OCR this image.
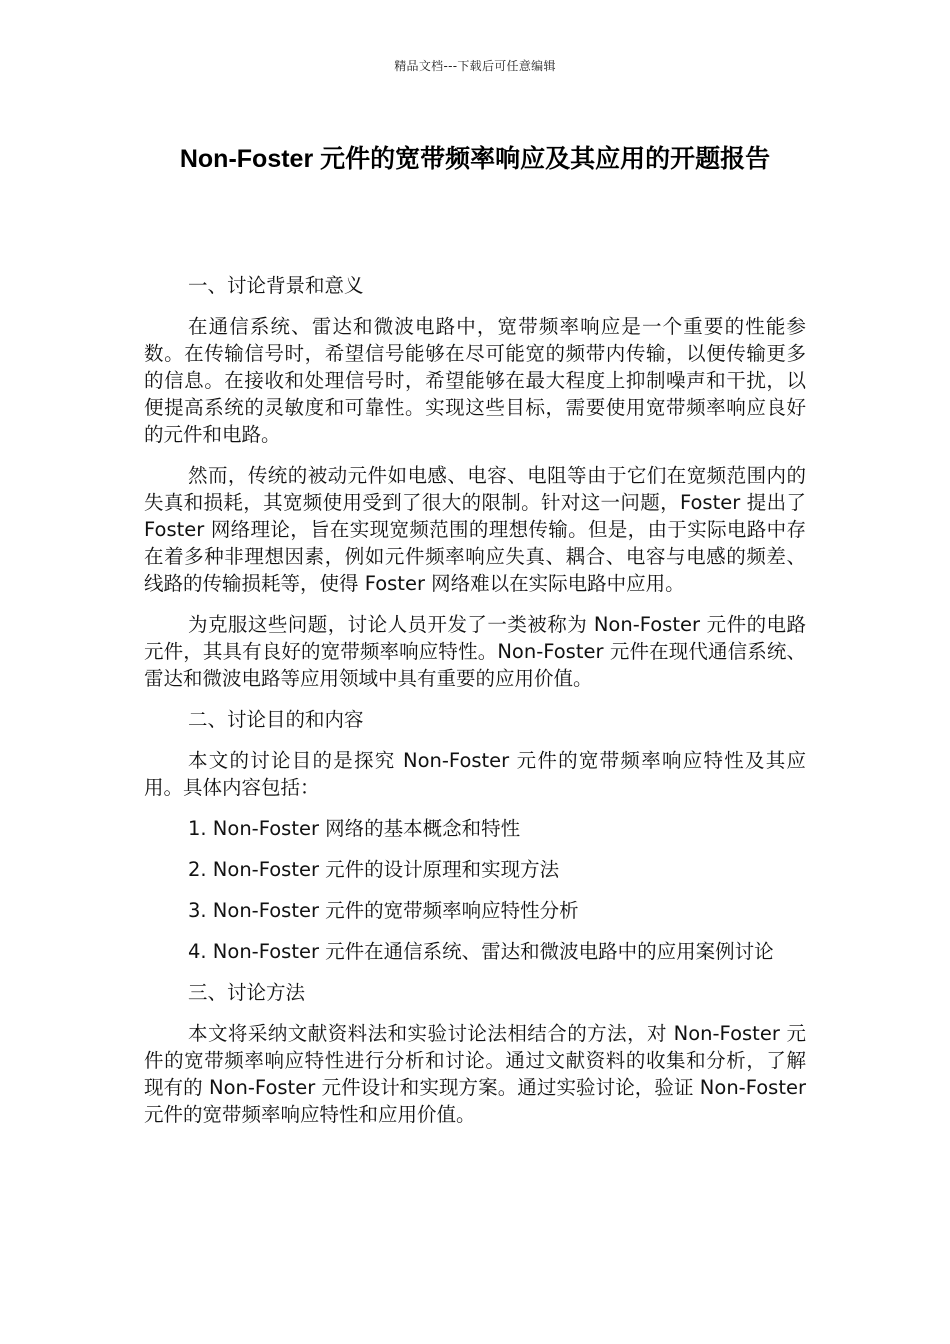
精品文档---下载后可任意编辑
Non-Foster 元件的宽带频率响应及其应用的开题报告

一、讨论背景和意义

在通信系统、雷达和微波电路中，宽带频率响应是一个重要的性能参数。在传输信号时，希望信号能够在尽可能宽的频带内传输，以便传输更多的信息。在接收和处理信号时，希望能够在最大程度上抑制噪声和干扰，以便提高系统的灵敏度和可靠性。实现这些目标，需要使用宽带频率响应良好的元件和电路。

然而，传统的被动元件如电感、电容、电阻等由于它们在宽频范围内的失真和损耗，其宽频使用受到了很大的限制。针对这一问题，Foster 提出了 Foster 网络理论，旨在实现宽频范围的理想传输。但是，由于实际电路中存在着多种非理想因素，例如元件频率响应失真、耦合、电容与电感的频差、线路的传输损耗等，使得 Foster 网络难以在实际电路中应用。

为克服这些问题，讨论人员开发了一类被称为 Non-Foster 元件的电路元件，其具有良好的宽带频率响应特性。Non-Foster 元件在现代通信系统、雷达和微波电路等应用领域中具有重要的应用价值。

二、讨论目的和内容

本文的讨论目的是探究 Non-Foster 元件的宽带频率响应特性及其应用。具体内容包括：

1. Non-Foster 网络的基本概念和特性

2. Non-Foster 元件的设计原理和实现方法

3. Non-Foster 元件的宽带频率响应特性分析

4. Non-Foster 元件在通信系统、雷达和微波电路中的应用案例讨论

三、讨论方法

本文将采纳文献资料法和实验讨论法相结合的方法，对 Non-Foster 元件的宽带频率响应特性进行分析和讨论。通过文献资料的收集和分析，了解现有的 Non-Foster 元件设计和实现方案。通过实验讨论，验证 Non-Foster 元件的宽带频率响应特性和应用价值。
